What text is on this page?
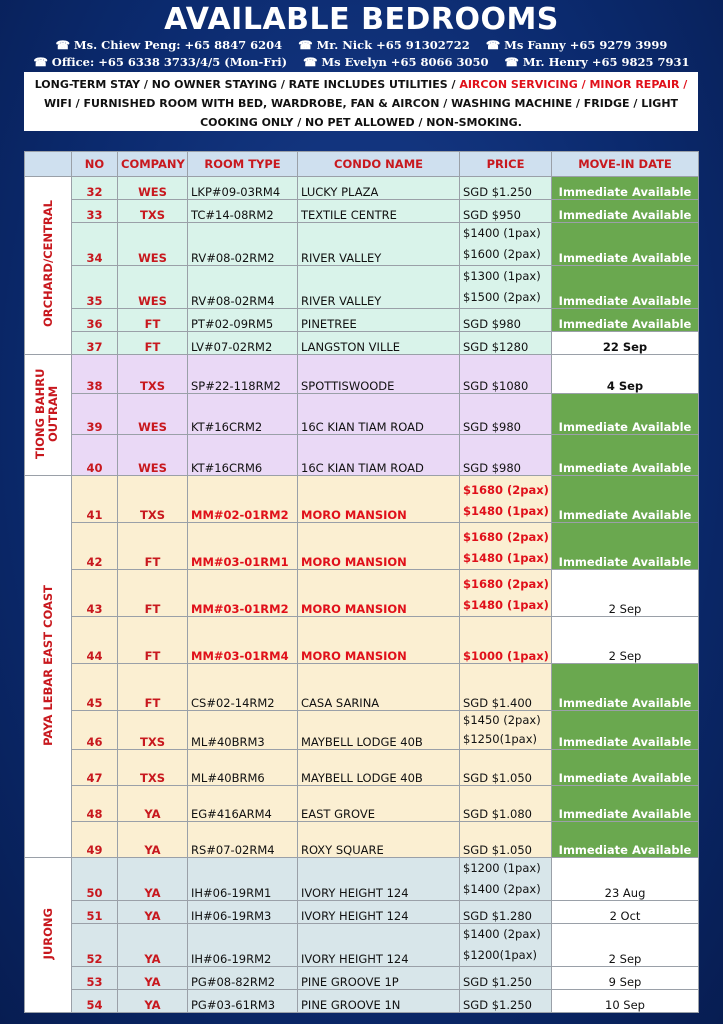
AVAILABLE BEDROOMS
☎ Ms. Chiew Peng: +65 8847 6204 ☎ Mr. Nick +65 91302722 ☎ Ms Fanny +65 9279 3999
☎ Office: +65 6338 3733/4/5 (Mon-Fri) ☎ Ms Evelyn +65 8066 3050 ☎ Mr. Henry +65 9825 7931
LONG-TERM STAY / NO OWNER STAYING / RATE INCLUDES UTILITIES / AIRCON SERVICING / MINOR REPAIR /
WIFI / FURNISHED ROOM WITH BED, WARDROBE, FAN & AIRCON / WASHING MACHINE / FRIDGE / LIGHT
COOKING ONLY / NO PET ALLOWED / NON-SMOKING.
	NO	COMPANY	ROOM TYPE	CONDO NAME	PRICE	MOVE-IN DATE
ORCHARD/CENTRAL	32	WES	LKP#09-03RM4	LUCKY PLAZA	SGD $1.250	Immediate Available
	33	TXS	TC#14-08RM2	TEXTILE CENTRE	SGD $950	Immediate Available
	34	WES	RV#08-02RM2	RIVER VALLEY	$1400 (1pax)
$1600 (2pax)	Immediate Available
	35	WES	RV#08-02RM4	RIVER VALLEY	$1300 (1pax)
$1500 (2pax)	Immediate Available
	36	FT	PT#02-09RM5	PINETREE	SGD $980	Immediate Available
	37	FT	LV#07-02RM2	LANGSTON VILLE	SGD $1280	22 Sep
TIONG BAHRU OUTRAM	38	TXS	SP#22-118RM2	SPOTTISWOODE	SGD $1080	4 Sep
	39	WES	KT#16CRM2	16C KIAN TIAM ROAD	SGD $980	Immediate Available
	40	WES	KT#16CRM6	16C KIAN TIAM ROAD	SGD $980	Immediate Available
PAYA LEBAR EAST COAST	41	TXS	MM#02-01RM2	MORO MANSION	$1680 (2pax)
$1480 (1pax)	Immediate Available
	42	FT	MM#03-01RM1	MORO MANSION	$1680 (2pax)
$1480 (1pax)	Immediate Available
	43	FT	MM#03-01RM2	MORO MANSION	$1680 (2pax)
$1480 (1pax)	2 Sep
	44	FT	MM#03-01RM4	MORO MANSION	$1000 (1pax)	2 Sep
	45	FT	CS#02-14RM2	CASA SARINA	SGD $1.400	Immediate Available
	46	TXS	ML#40BRM3	MAYBELL LODGE 40B	$1450 (2pax)
$1250(1pax)	Immediate Available
	47	TXS	ML#40BRM6	MAYBELL LODGE 40B	SGD $1.050	Immediate Available
	48	YA	EG#416ARM4	EAST GROVE	SGD $1.080	Immediate Available
	49	YA	RS#07-02RM4	ROXY SQUARE	SGD $1.050	Immediate Available
JURONG	50	YA	IH#06-19RM1	IVORY HEIGHT 124	$1200 (1pax)
$1400 (2pax)	23 Aug
	51	YA	IH#06-19RM3	IVORY HEIGHT 124	SGD $1.280	2 Oct
	52	YA	IH#06-19RM2	IVORY HEIGHT 124	$1400 (2pax)
$1200(1pax)	2 Sep
	53	YA	PG#08-82RM2	PINE GROOVE 1P	SGD $1.250	9 Sep
	54	YA	PG#03-61RM3	PINE GROOVE 1N	SGD $1.250	10 Sep
